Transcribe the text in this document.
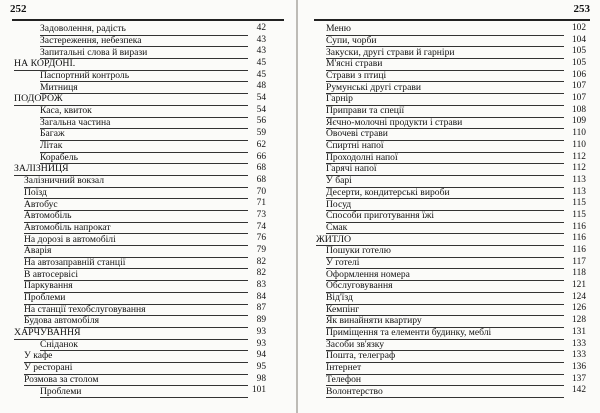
252
Задоволення, радість	42
Застереження, небезпека	43
Запитальні слова й вирази	43
НА КОРДОНІ.	45
Паспортний контроль	45
Митниця	48
ПОДОРОЖ	54
Каса, квиток	54
Загальна частина	56
Багаж	59
Літак	62
Корабель	66
ЗАЛІЗНИЦЯ	68
Залізничний вокзал	68
Поїзд	70
Автобус	71
Автомобіль	73
Автомобіль напрокат	74
На дорозі в автомобілі	76
Аварія	79
На автозаправній станції	82
В автосервісі	82
Паркування	83
Проблеми	84
На станції техобслуговування	87
Будова автомобіля	89
ХАРЧУВАННЯ	93
Сніданок	93
У кафе	94
У ресторані	95
Розмова за столом	98
Проблеми	101
253
Меню	102
Супи, чорби	104
Закуски, другі страви й гарніри	105
М'ясні страви	105
Страви з птиці	106
Румунські другі страви	107
Гарнір	107
Приправи та спеції	108
Яєчно-молочні продукти і страви	109
Овочеві страви	110
Спиртні напої	110
Проходолні напої	112
Гарячі напої	112
У барі	113
Десерти, кондитерські вироби	113
Посуд	115
Способи приготування їжі	115
Смак	116
ЖИТЛО	116
Пошуки готелю	116
У готелі	117
Оформлення номера	118
Обслуговування	121
Від'їзд	124
Кемпінг	126
Як винайняти квартиру	128
Приміщення та елементи будинку, меблі	131
Засоби зв'язку	133
Пошта, телеграф	133
Інтернет	136
Телефон	137
Волонтерство	142
